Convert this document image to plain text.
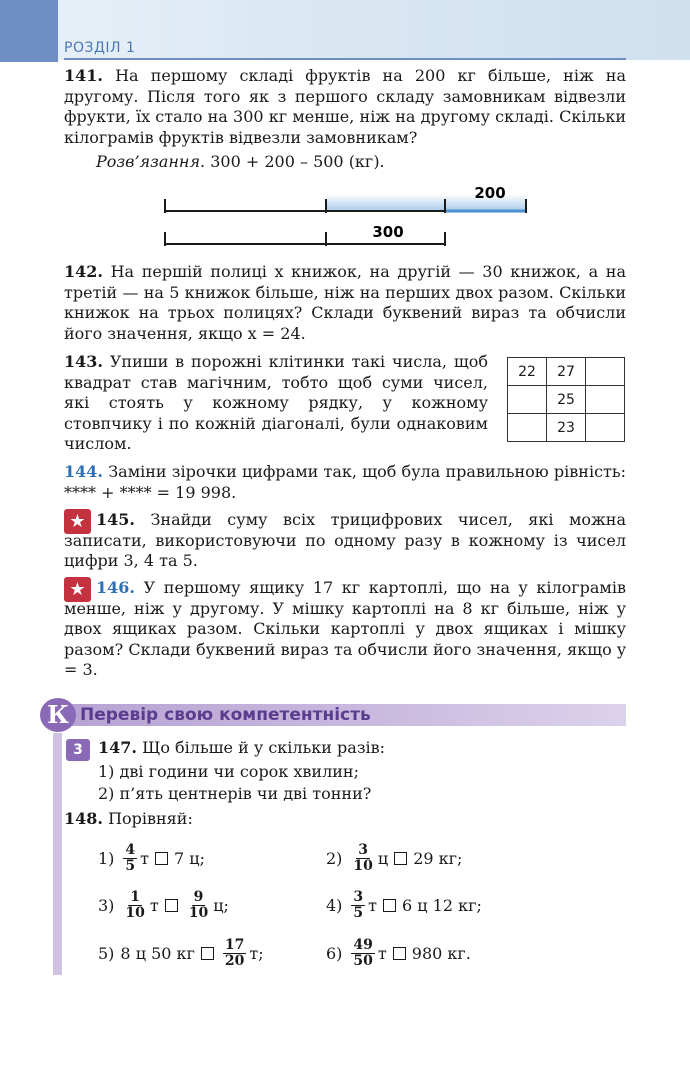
РОЗДІЛ 1
141. На першому складі фруктів на 200 кг більше, ніж на другому. Після того як з першого складу замовникам відвезли фрукти, їх стало на 300 кг менше, ніж на другому складі. Скільки кілограмів фруктів відвезли замовникам?
Розв’язання. 300 + 200 – 500 (кг).
200
300
142. На першій полиці x книжок, на другій — 30 книжок, а на третій — на 5 книжок більше, ніж на перших двох разом. Скільки книжок на трьох полицях? Склади буквений вираз та обчисли його значення, якщо x = 24.
143. Упиши в порожні клітинки такі числа, щоб квадрат став магічним, тобто щоб суми чисел, які стоять у кожному рядку, у кожному стовпчику і по кожній діагоналі, були однаковим числом.
22	27	
	25	
	23	
144. Заміни зірочки цифрами так, щоб була правильною рівність: **** + **** = 19 998.
★ 145. Знайди суму всіх трицифрових чисел, які можна записати, використовуючи по одному разу в кожному із чисел цифри 3, 4 та 5.
★ 146. У першому ящику 17 кг картоплі, що на y кілограмів менше, ніж у другому. У мішку картоплі на 8 кг більше, ніж у двох ящиках разом. Скільки картоплі у двох ящиках і мішку разом? Склади буквений вираз та обчисли його значення, якщо y = 3.
К Перевір свою компетентність
3 147. Що більше й у скільки разів:
1) дві години чи сорок хвилин;
2) п’ять центнерів чи дві тонни?
148. Порівняй:
$1) \frac{4}{5}$ т 7 ц;	$2) \frac{3}{10}$ ц 29 кг;
$3) \frac{1}{10}$ т $\frac{9}{10} ц$;	$4) \frac{3}{5}$ т 6 ц 12 кг;
5) 8 ц 50 кг $\frac{17}{20} т$;	$6) \frac{49}{50}$ т 980 кг.
